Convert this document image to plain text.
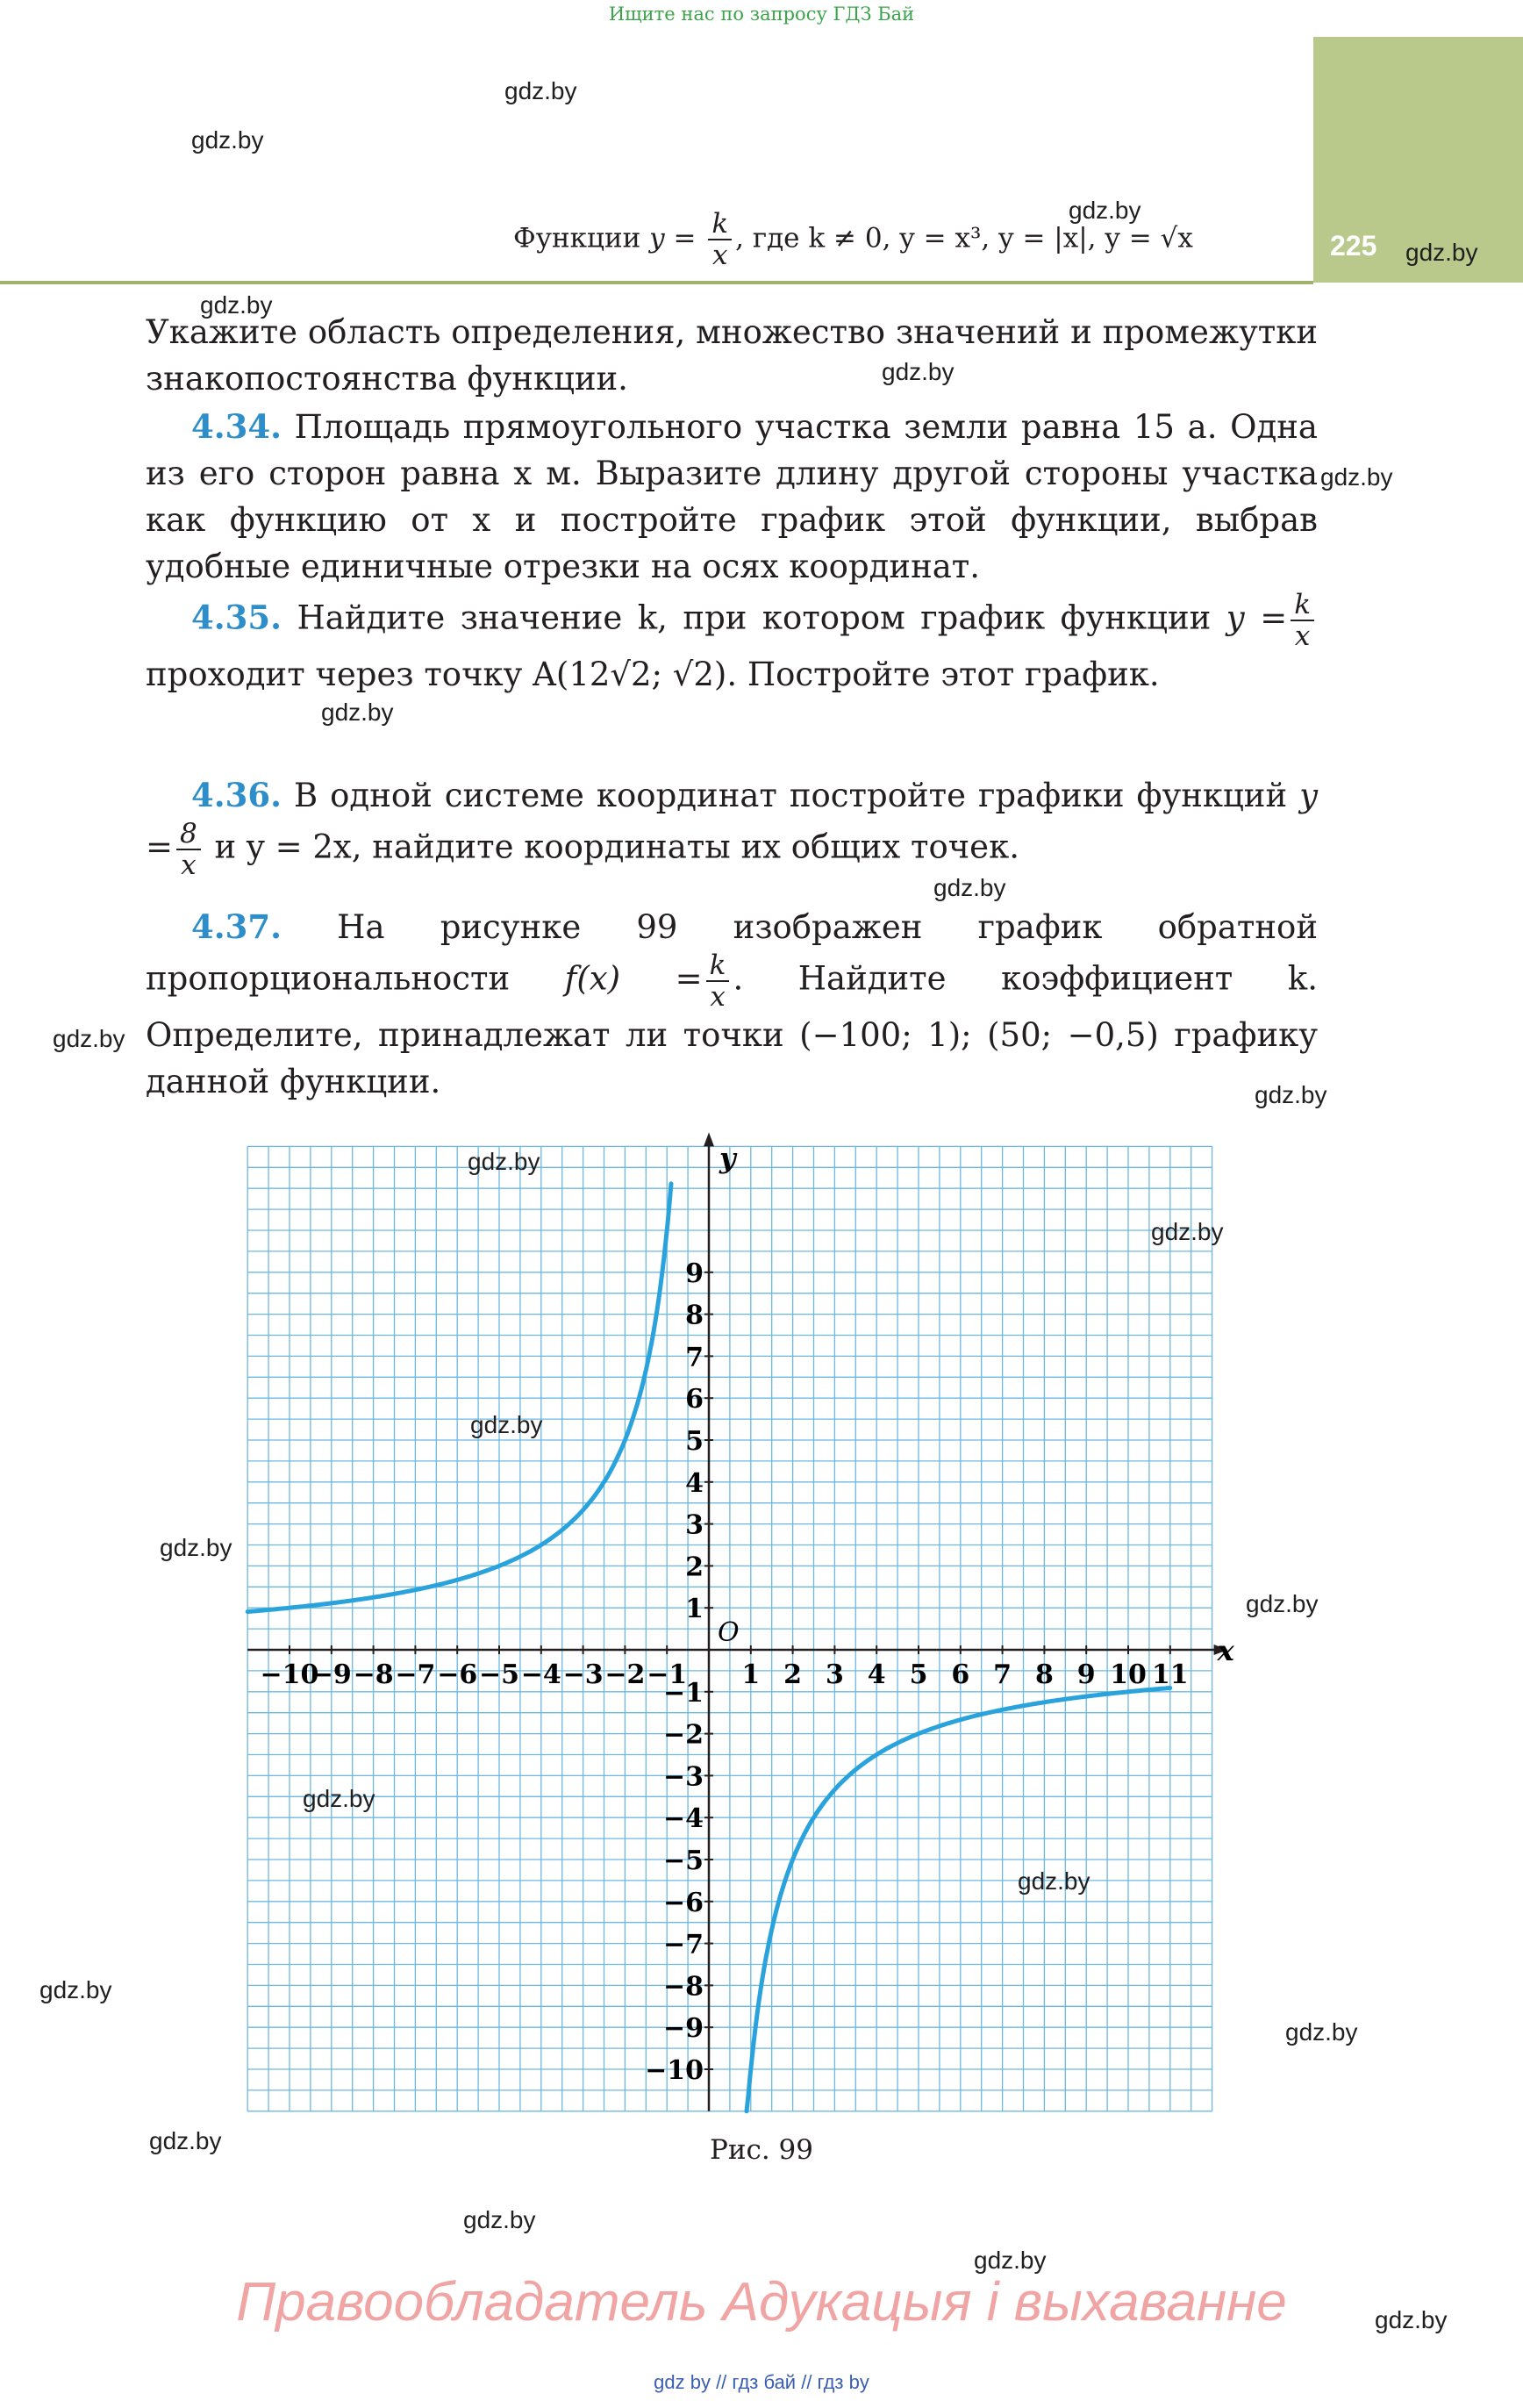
Ищите нас по запросу ГДЗ Бай
225
Функции $y = \frac{k}{x}$ , где k ≠ 0, y = x³, y = |x|, y = √x
Укажите область определения, множество значений и промежутки знакопостоянства функции.
4.34. Площадь прямоугольного участка земли равна 15 а. Одна из его сторон равна x м. Выразите длину другой стороны участка как функцию от x и постройте график этой функции, выбрав удобные единичные отрезки на осях координат.
4.35. Найдите значение k, при котором график функции $y = \frac{k}{x}$
проходит через точку A(12√2; √2). Постройте этот график.
4.36. В одной системе координат постройте графики функций $y = \frac{8}{x}$ и y = 2x, найдите координаты их общих точек.
4.37. На рисунке 99 изображен график обратной пропорциональности $f(x) = \frac{k}{x}$ . Найдите коэффициент k. Определите, принадлежат ли точки (−100; 1); (50; −0,5) графику данной функции.
x
y
O
−10
−9 −8 −7 −6 −5 −4 −3 −2 −1 1 2 3 4 5 6 7 8 9 10 11
−10
−9
−8
−7
−6
−5
−4
−3
−2
−1
1
2
3
4
5
6
7
8
9
Рис. 99
Правообладатель Адукацыя і выхаванне
gdz by // гдз бай // гдз by
gdz.by
gdz.by
gdz.by
gdz.by
gdz.by
gdz.by
gdz.by
gdz.by
gdz.by
gdz.by
gdz.by
gdz.by
gdz.by
gdz.by
gdz.by
gdz.by
gdz.by
gdz.by
gdz.by
gdz.by
gdz.by
gdz.by
gdz.by
gdz.by
